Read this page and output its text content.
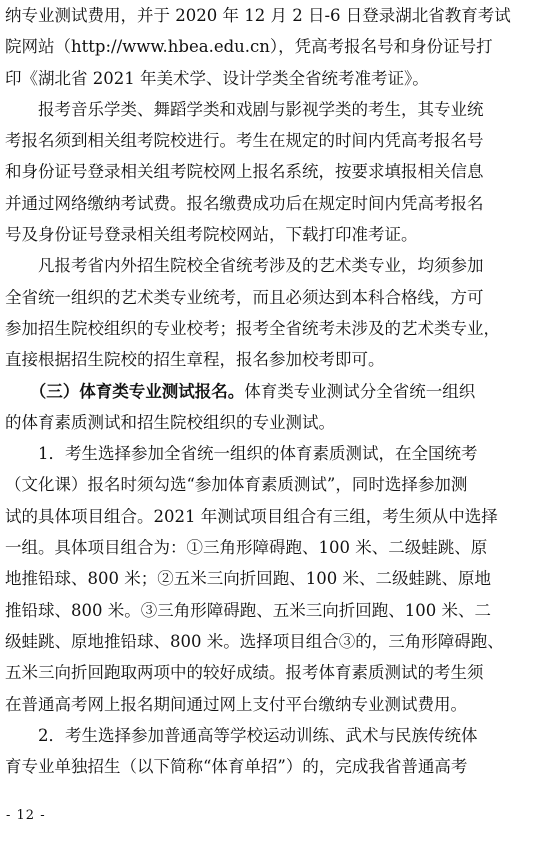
纳专业测试费用，并于 2020 年 12 月 2 日-6 日登录湖北省教育考试
院网站（http://www.hbea.edu.cn），凭高考报名号和身份证号打
印《湖北省 2021 年美术学、设计学类全省统考准考证》。
　　报考音乐学类、舞蹈学类和戏剧与影视学类的考生，其专业统
考报名须到相关组考院校进行。考生在规定的时间内凭高考报名号
和身份证号登录相关组考院校网上报名系统，按要求填报相关信息
并通过网络缴纳考试费。报名缴费成功后在规定时间内凭高考报名
号及身份证号登录相关组考院校网站，下载打印准考证。
　　凡报考省内外招生院校全省统考涉及的艺术类专业，均须参加
全省统一组织的艺术类专业统考，而且必须达到本科合格线，方可
参加招生院校组织的专业校考；报考全省统考未涉及的艺术类专业，
直接根据招生院校的招生章程，报名参加校考即可。
　　（三）体育类专业测试报名。体育类专业测试分全省统一组织
的体育素质测试和招生院校组织的专业测试。
　　1．考生选择参加全省统一组织的体育素质测试，在全国统考
（文化课）报名时须勾选“参加体育素质测试”，同时选择参加测
试的具体项目组合。2021 年测试项目组合有三组，考生须从中选择
一组。具体项目组合为：①三角形障碍跑、100 米、二级蛙跳、原
地推铅球、800 米；②五米三向折回跑、100 米、二级蛙跳、原地
推铅球、800 米。③三角形障碍跑、五米三向折回跑、100 米、二
级蛙跳、原地推铅球、800 米。选择项目组合③的，三角形障碍跑、
五米三向折回跑取两项中的较好成绩。报考体育素质测试的考生须
在普通高考网上报名期间通过网上支付平台缴纳专业测试费用。
　　2．考生选择参加普通高等学校运动训练、武术与民族传统体
育专业单独招生（以下简称“体育单招”）的，完成我省普通高考
- 12 -
